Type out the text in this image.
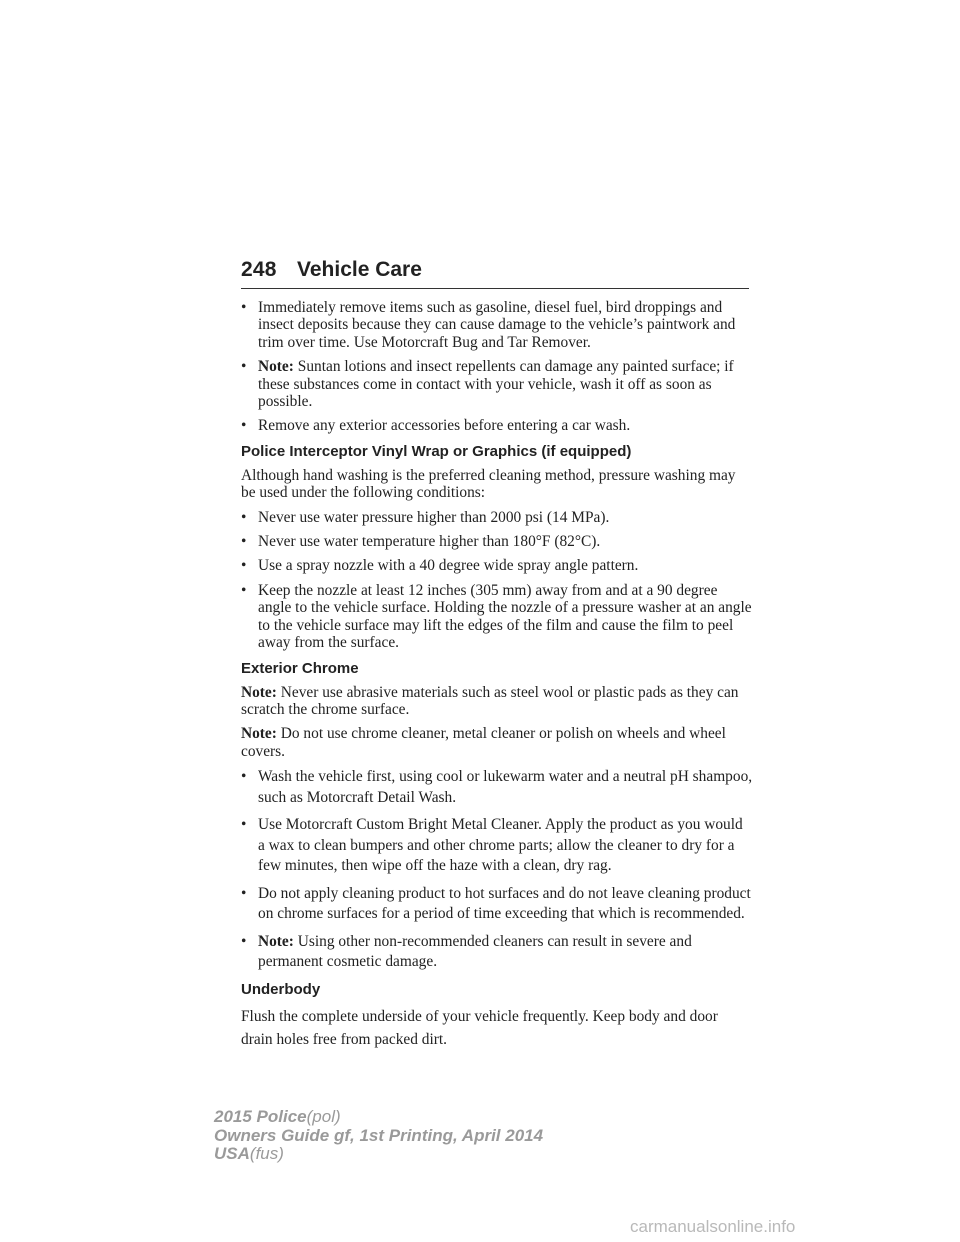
248 Vehicle Care
• Immediately remove items such as gasoline, diesel fuel, bird droppings and insect deposits because they can cause damage to the vehicle’s paintwork and trim over time. Use Motorcraft Bug and Tar Remover.
• Note: Suntan lotions and insect repellents can damage any painted surface; if these substances come in contact with your vehicle, wash it off as soon as possible.
• Remove any exterior accessories before entering a car wash.
Police Interceptor Vinyl Wrap or Graphics (if equipped)
Although hand washing is the preferred cleaning method, pressure washing may be used under the following conditions:
• Never use water pressure higher than 2000 psi (14 MPa).
• Never use water temperature higher than 180°F (82°C).
• Use a spray nozzle with a 40 degree wide spray angle pattern.
• Keep the nozzle at least 12 inches (305 mm) away from and at a 90 degree angle to the vehicle surface. Holding the nozzle of a pressure washer at an angle to the vehicle surface may lift the edges of the film and cause the film to peel away from the surface.
Exterior Chrome
Note: Never use abrasive materials such as steel wool or plastic pads as they can scratch the chrome surface.
Note: Do not use chrome cleaner, metal cleaner or polish on wheels and wheel covers.
• Wash the vehicle first, using cool or lukewarm water and a neutral pH shampoo, such as Motorcraft Detail Wash.
• Use Motorcraft Custom Bright Metal Cleaner. Apply the product as you would a wax to clean bumpers and other chrome parts; allow the cleaner to dry for a few minutes, then wipe off the haze with a clean, dry rag.
• Do not apply cleaning product to hot surfaces and do not leave cleaning product on chrome surfaces for a period of time exceeding that which is recommended.
• Note: Using other non-recommended cleaners can result in severe and permanent cosmetic damage.
Underbody
Flush the complete underside of your vehicle frequently. Keep body and door drain holes free from packed dirt.
2015 Police(pol)
Owners Guide gf, 1st Printing, April 2014
USA(fus)
carmanualsonline.info
